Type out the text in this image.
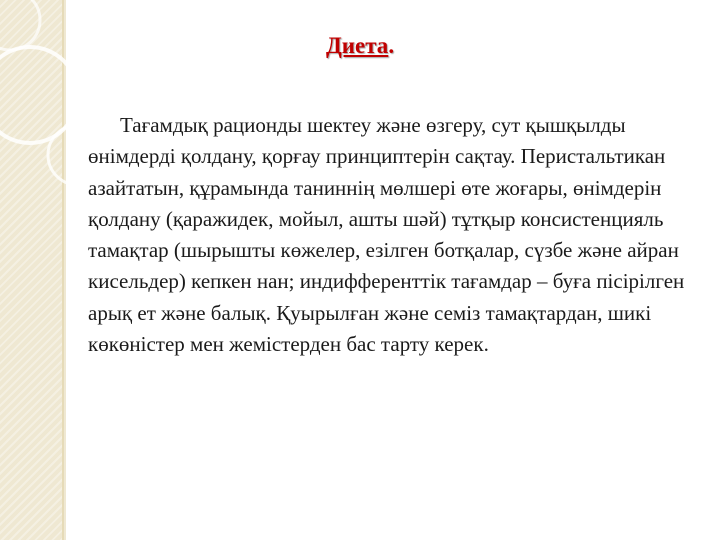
Диета.
Тағамдық рационды шектеу және өзгеру, сут қышқылды өнімдерді қолдану, қорғау принциптерін сақтау. Перистальтикан азайтатын, құрамында таниннің мөлшері өте жоғары, өнімдерін қолдану (қаражидек, мойыл, ашты шәй) тұтқыр консистенцияль тамақтар (шырышты көжелер, езілген ботқалар, сүзбе және айран кисельдер) кепкен нан; индифференттік тағамдар – буға пісірілген арық ет және балық. Қуырылған және семіз тамақтардан, шикі көкөністер мен жемістерден бас тарту керек.
